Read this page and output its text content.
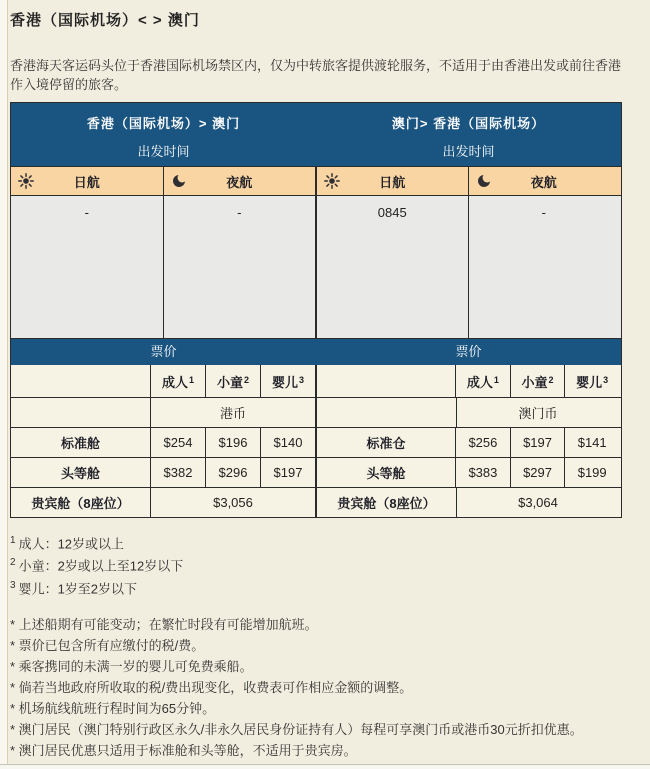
香港（国际机场）< > 澳门

香港海天客运码头位于香港国际机场禁区内，仅为中转旅客提供渡轮服务，不适用于由香港出发或前往香港作入境停留的旅客。

香港（国际机场）> 澳门	澳门> 香港（国际机场）
出发时间	出发时间
日航	夜航	日航	夜航
-	-	0845	-
票价	票价
成人$^1$ 小童$^2$ 婴儿$^3$	成人$^1$ 小童$^2$ 婴儿$^3$
港币	澳门币
标准舱	$254	$196	$140	标准仓	$256	$197	$141
头等舱	$382	$296	$197	头等舱	$383	$297	$199
贵宾舱（8座位）	$3,056	贵宾舱（8座位）	$3,064
$^1$ 成人：12岁或以上
$^2$ 小童：2岁或以上至12岁以下
$^3$ 婴儿：1岁至2岁以下
* 上述船期有可能变动；在繁忙时段有可能增加航班。
* 票价已包含所有应缴付的税/费。
* 乘客携同的未满一岁的婴儿可免费乘船。
* 倘若当地政府所收取的税/费出现变化，收费表可作相应金额的调整。
* 机场航线航班行程时间为65分钟。
* 澳门居民（澳门特别行政区永久/非永久居民身份证持有人）每程可享澳门币或港币30元折扣优惠。
* 澳门居民优惠只适用于标准舱和头等舱，不适用于贵宾房。
